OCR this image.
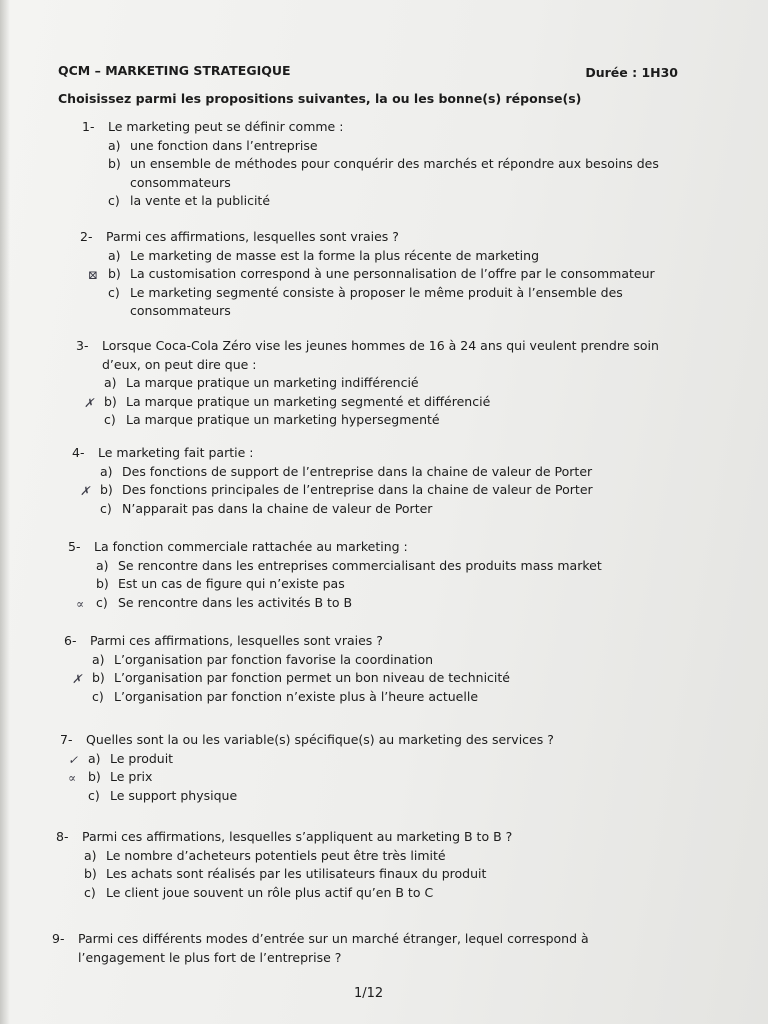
QCM – MARKETING STRATEGIQUE	Durée : 1H30
Choisissez parmi les propositions suivantes, la ou les bonne(s) réponse(s)
1- Le marketing peut se définir comme :
a) une fonction dans l’entreprise
b) un ensemble de méthodes pour conquérir des marchés et répondre aux besoins des
consommateurs
c) la vente et la publicité
2- Parmi ces affirmations, lesquelles sont vraies ?
a) Le marketing de masse est la forme la plus récente de marketing
⊠ b) La customisation correspond à une personnalisation de l’offre par le consommateur
c) Le marketing segmenté consiste à proposer le même produit à l’ensemble des
consommateurs
3- Lorsque Coca-Cola Zéro vise les jeunes hommes de 16 à 24 ans qui veulent prendre soin
d’eux, on peut dire que :
a) La marque pratique un marketing indifférencié
✗ b) La marque pratique un marketing segmenté et différencié
c) La marque pratique un marketing hypersegmenté
4- Le marketing fait partie :
a) Des fonctions de support de l’entreprise dans la chaine de valeur de Porter
✗ b) Des fonctions principales de l’entreprise dans la chaine de valeur de Porter
c) N’apparait pas dans la chaine de valeur de Porter
5- La fonction commerciale rattachée au marketing :
a) Se rencontre dans les entreprises commercialisant des produits mass market
b) Est un cas de figure qui n’existe pas
∝ c) Se rencontre dans les activités B to B
6- Parmi ces affirmations, lesquelles sont vraies ?
a) L’organisation par fonction favorise la coordination
✗ b) L’organisation par fonction permet un bon niveau de technicité
c) L’organisation par fonction n’existe plus à l’heure actuelle
7- Quelles sont la ou les variable(s) spécifique(s) au marketing des services ?
✓ a) Le produit
∝ b) Le prix
c) Le support physique
8- Parmi ces affirmations, lesquelles s’appliquent au marketing B to B ?
a) Le nombre d’acheteurs potentiels peut être très limité
b) Les achats sont réalisés par les utilisateurs finaux du produit
c) Le client joue souvent un rôle plus actif qu’en B to C
9- Parmi ces différents modes d’entrée sur un marché étranger, lequel correspond à
l’engagement le plus fort de l’entreprise ?
1/12
